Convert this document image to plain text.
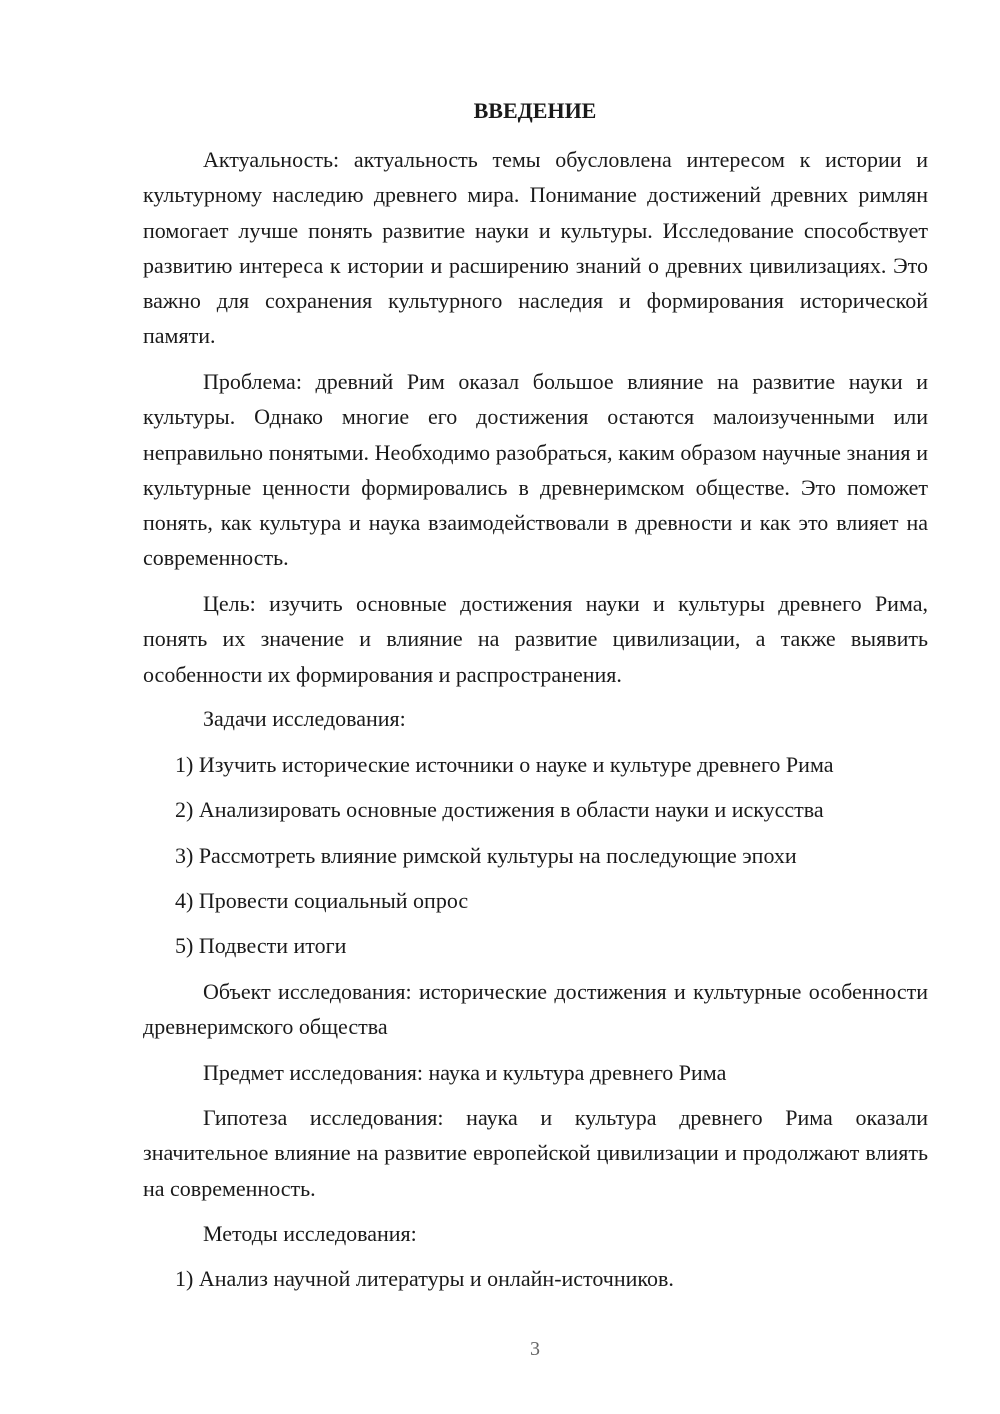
ВВЕДЕНИЕ

Актуальность: актуальность темы обусловлена интересом к истории и культурному наследию древнего мира. Понимание достижений древних римлян помогает лучше понять развитие науки и культуры. Исследование способствует развитию интереса к истории и расширению знаний о древних цивилизациях. Это важно для сохранения культурного наследия и формирования исторической памяти.

Проблема: древний Рим оказал большое влияние на развитие науки и культуры. Однако многие его достижения остаются малоизученными или неправильно понятыми. Необходимо разобраться, каким образом научные знания и культурные ценности формировались в древнеримском обществе. Это поможет понять, как культура и наука взаимодействовали в древности и как это влияет на современность.

Цель: изучить основные достижения науки и культуры древнего Рима, понять их значение и влияние на развитие цивилизации, а также выявить особенности их формирования и распространения.

Задачи исследования:

1) Изучить исторические источники о науке и культуре древнего Рима

2) Анализировать основные достижения в области науки и искусства

3) Рассмотреть влияние римской культуры на последующие эпохи

4) Провести социальный опрос

5) Подвести итоги

Объект исследования: исторические достижения и культурные особенности древнеримского общества

Предмет исследования: наука и культура древнего Рима

Гипотеза исследования: наука и культура древнего Рима оказали значительное влияние на развитие европейской цивилизации и продолжают влиять на современность.

Методы исследования:

1) Анализ научной литературы и онлайн-источников.

3
